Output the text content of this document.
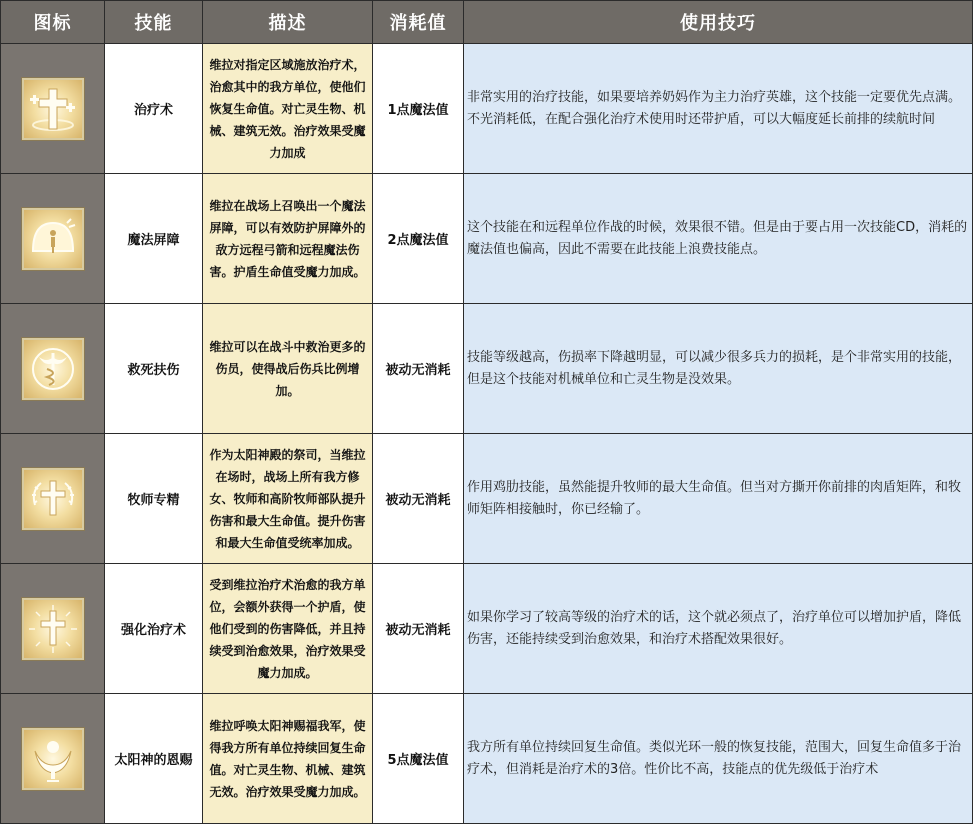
图标	技能	描述	消耗值	使用技巧

	治疗术	维拉对指定区域施放治疗术，治愈其中的我方单位，使他们恢复生命值。对亡灵生物、机械、建筑无效。治疗效果受魔力加成	1点魔法值	非常实用的治疗技能，如果要培养奶妈作为主力治疗英雄，这个技能一定要优先点满。不光消耗低，在配合强化治疗术使用时还带护盾，可以大幅度延长前排的续航时间

	魔法屏障	维拉在战场上召唤出一个魔法屏障，可以有效防护屏障外的敌方远程弓箭和远程魔法伤害。护盾生命值受魔力加成。	2点魔法值	这个技能在和远程单位作战的时候，效果很不错。但是由于要占用一次技能CD，消耗的魔法值也偏高，因此不需要在此技能上浪费技能点。

	救死扶伤	维拉可以在战斗中救治更多的伤员，使得战后伤兵比例增加。	被动无消耗	技能等级越高，伤损率下降越明显，可以减少很多兵力的损耗，是个非常实用的技能，但是这个技能对机械单位和亡灵生物是没效果。

	牧师专精	作为太阳神殿的祭司，当维拉在场时，战场上所有我方修女、牧师和高阶牧师部队提升伤害和最大生命值。提升伤害和最大生命值受统率加成。	被动无消耗	作用鸡肋技能，虽然能提升牧师的最大生命值。但当对方撕开你前排的肉盾矩阵，和牧师矩阵相接触时，你已经输了。

	强化治疗术	受到维拉治疗术治愈的我方单位，会额外获得一个护盾，使他们受到的伤害降低，并且持续受到治愈效果，治疗效果受魔力加成。	被动无消耗	如果你学习了较高等级的治疗术的话，这个就必须点了，治疗单位可以增加护盾，降低伤害，还能持续受到治愈效果，和治疗术搭配效果很好。

	太阳神的恩赐	维拉呼唤太阳神赐福我军，使得我方所有单位持续回复生命值。对亡灵生物、机械、建筑无效。治疗效果受魔力加成。	5点魔法值	我方所有单位持续回复生命值。类似光环一般的恢复技能，范围大，回复生命值多于治疗术，但消耗是治疗术的3倍。性价比不高，技能点的优先级低于治疗术
